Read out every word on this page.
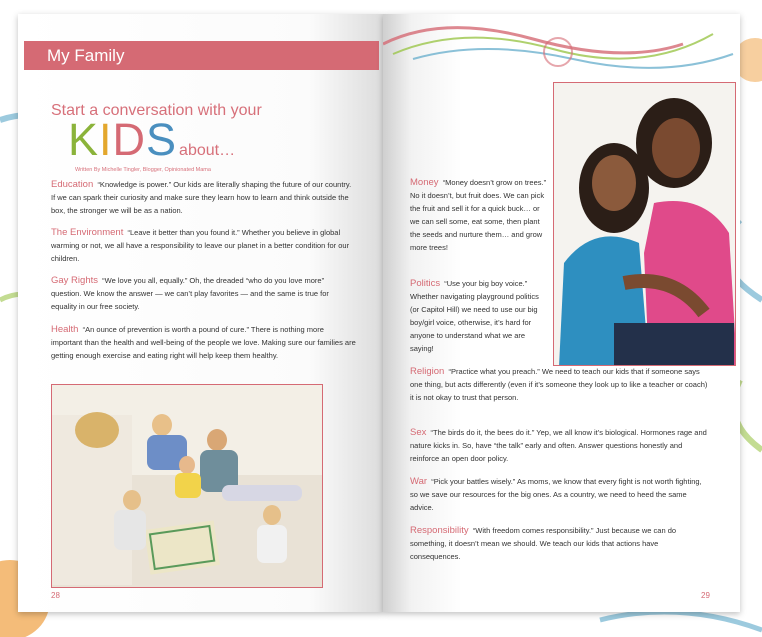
My Family
Start a conversation with your
KIDS about…
Written By Michelle Tingler, Blogger, Opinionated Mama
Education “Knowledge is power.” Our kids are literally shaping the future of our country. If we can spark their curiosity and make sure they learn how to learn and think outside the box, the stronger we will be as a nation.
The Environment “Leave it better than you found it.” Whether you believe in global warming or not, we all have a responsibility to leave our planet in a better condition for our children.
Gay Rights “We love you all, equally.” Oh, the dreaded “who do you love more” question. We know the answer — we can’t play favorites — and the same is true for equality in our free society.
Health “An ounce of prevention is worth a pound of cure.” There is nothing more important than the health and well-being of the people we love. Making sure our families are getting enough exercise and eating right will help keep them healthy.
28
Money “Money doesn’t grow on trees.” No it doesn’t, but fruit does. We can pick the fruit and sell it for a quick buck… or we can sell some, eat some, then plant the seeds and nurture them… and grow more trees!
Politics “Use your big boy voice.” Whether navigating playground politics (or Capitol Hill) we need to use our big boy/girl voice, otherwise, it’s hard for anyone to understand what we are saying!
Religion “Practice what you preach.” We need to teach our kids that if someone says one thing, but acts differently (even if it’s someone they look up to like a teacher or coach) it is not okay to trust that person.
Sex “The birds do it, the bees do it.” Yep, we all know it’s biological. Hormones rage and nature kicks in. So, have “the talk” early and often. Answer questions honestly and reinforce an open door policy.
War “Pick your battles wisely.” As moms, we know that every fight is not worth fighting, so we save our resources for the big ones. As a country, we need to heed the same advice.
Responsibility “With freedom comes responsibility.” Just because we can do something, it doesn’t mean we should. We teach our kids that actions have consequences.
29
